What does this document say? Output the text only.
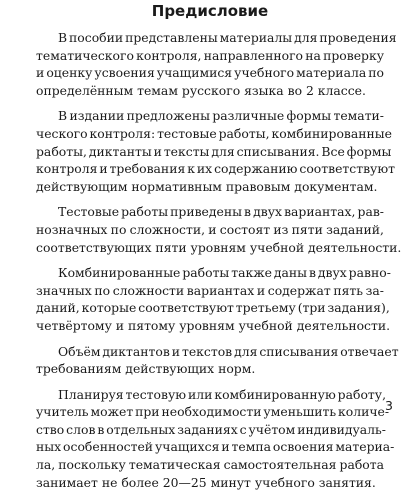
Предисловие

В пособии представлены материалы для проведения
тематического контроля, направленного на проверку
и оценку усвоения учащимися учебного материала по
определённым темам русского языка во 2 классе.

В издании предложены различные формы темати-
ческого контроля: тестовые работы, комбинированные
работы, диктанты и тексты для списывания. Все формы
контроля и требования к их содержанию соответствуют
действующим нормативным правовым документам.

Тестовые работы приведены в двух вариантах, рав-
нозначных по сложности, и состоят из пяти заданий,
соответствующих пяти уровням учебной деятельности.

Комбинированные работы также даны в двух равно-
значных по сложности вариантах и содержат пять за-
даний, которые соответствуют третьему (три задания),
четвёртому и пятому уровням учебной деятельности.

Объём диктантов и текстов для списывания отвечает
требованиям действующих норм.

Планируя тестовую или комбинированную работу,
учитель может при необходимости уменьшить количе-
ство слов в отдельных заданиях с учётом индивидуаль-
ных особенностей учащихся и темпа освоения материа-
ла, поскольку тематическая самостоятельная работа
занимает не более 20—25 минут учебного занятия.

3
